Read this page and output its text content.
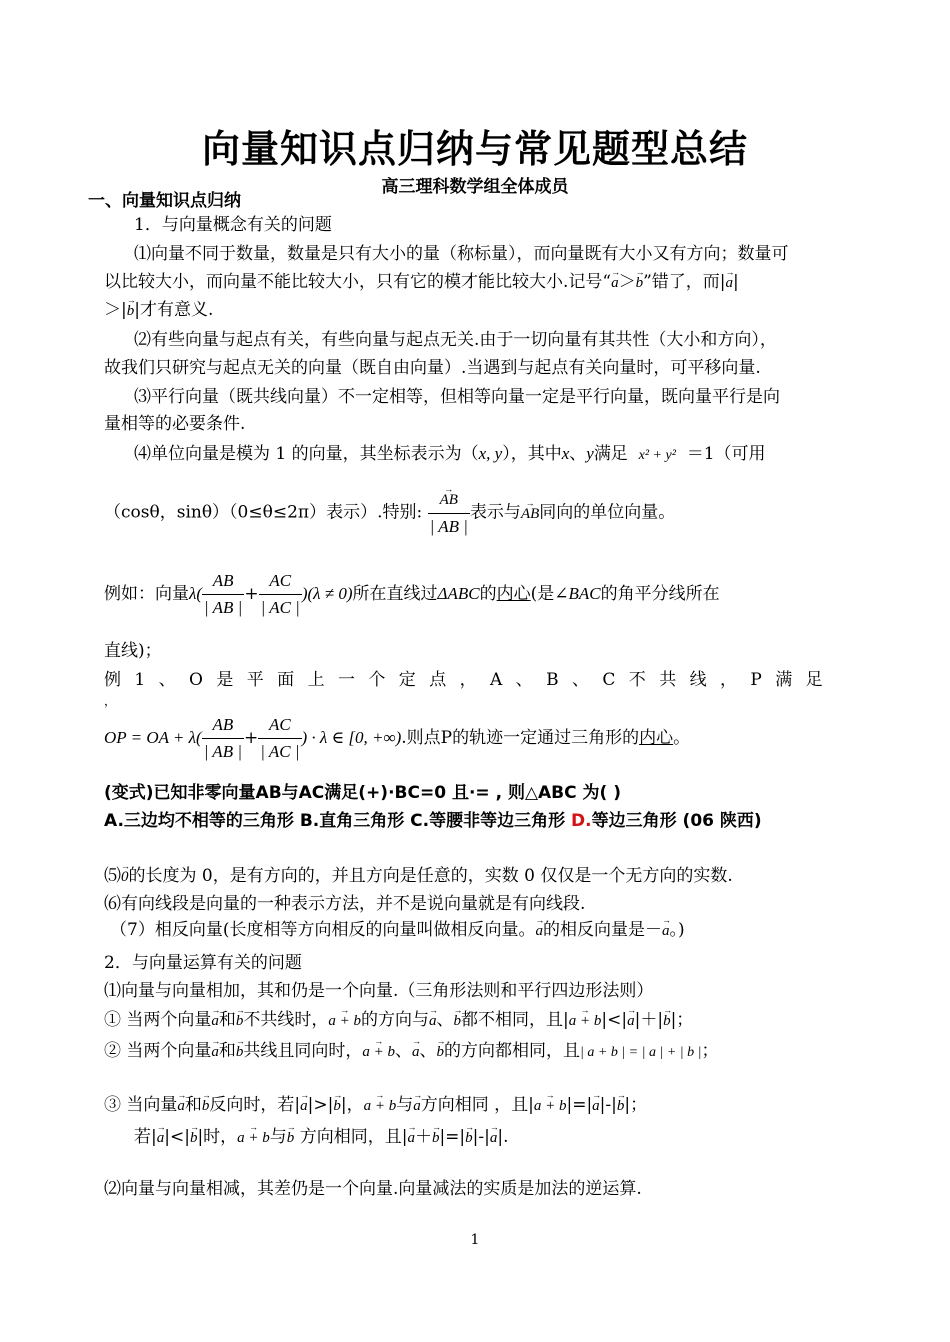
向量知识点归纳与常见题型总结
高三理科数学组全体成员
一、向量知识点归纳
1．与向量概念有关的问题
⑴向量不同于数量，数量是只有大小的量（称标量），而向量既有大小又有方向；数量可
以比较大小，而向量不能比较大小，只有它的模才能比较大小.记号“→ a＞→ b”错了，而|→ a|
＞|→ b|才有意义.
⑵有些向量与起点有关，有些向量与起点无关.由于一切向量有其共性（大小和方向），
故我们只研究与起点无关的向量（既自由向量）.当遇到与起点有关向量时，可平移向量.
⑶平行向量（既共线向量）不一定相等，但相等向量一定是平行向量，既向量平行是向
量相等的必要条件.
⑷单位向量是模为 1 的向量，其坐标表示为（x, y），其中x、y满足 x² + y² ＝1（可用
（cosθ，sinθ）（0≤θ≤2π）表示）.特别:
→ $\frac{AB}{| AB |}$ 表示与→ AB同向的单位向量。
例如：向量$\lambda( \frac{AB}{| AB |} + \frac{AC}{| AC |} )(\lambda \ne 0)$所在直线过ΔABC的内心(是∠BAC的角平分线所在
直线)；
例 1 、 O 是 平 面 上 一 个 定 点 ， A 、 B 、 C 不 共 线 ， P 满 足
，
OP = OA + $\lambda( \frac{AB}{| AB |} + \frac{AC}{| AC |}$ ) · λ ∈ [0, +∞).则点P的轨迹一定通过三角形的内心。
(变式)已知非零向量AB与AC满足(+)·BC=0 且·= , 则△ABC 为( )
A.三边均不相等的三角形 B.直角三角形 C.等腰非等边三角形 D.等边三角形 (06 陕西)
⑸→ 0的长度为 0，是有方向的，并且方向是任意的，实数 0 仅仅是一个无方向的实数.
⑹有向线段是向量的一种表示方法，并不是说向量就是有向线段.
（7）相反向量(长度相等方向相反的向量叫做相反向量。→ a的相反向量是－→ a。)
2．与向量运算有关的问题
⑴向量与向量相加，其和仍是一个向量.（三角形法则和平行四边形法则）
① 当两个向量→ a和→ b不共线时，→ a + b的方向与→ a、→ b都不相同，且|→ a + b|<|→ a|＋|→ b|；
② 当两个向量→ a和→ b共线且同向时，→ a + b、→ a、→ b的方向都相同，且| a + b | = | a | + | b |；
③ 当向量→ a和→ b反向时，若|→ a|>|→ b|，→ a + b与→ a方向相同 ，且|→ a + b|=|→ a|-|→ b|；
若|→ a|<|→ b|时，→ a + b与→ b 方向相同，且|→ a＋→ b|=|→ b|-|→ a|.
⑵向量与向量相减，其差仍是一个向量.向量减法的实质是加法的逆运算.
1
